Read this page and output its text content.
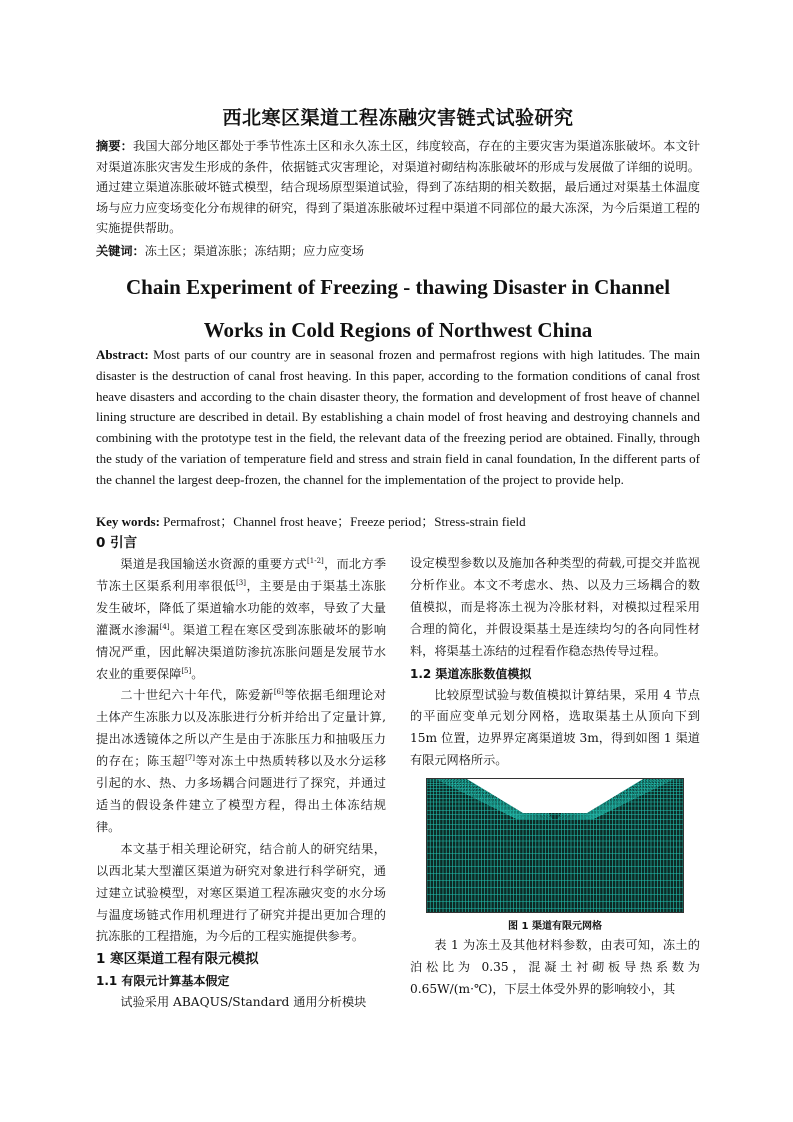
西北寒区渠道工程冻融灾害链式试验研究
摘要：我国大部分地区都处于季节性冻土区和永久冻土区，纬度较高，存在的主要灾害为渠道冻胀破坏。本文针对渠道冻胀灾害发生形成的条件，依据链式灾害理论，对渠道衬砌结构冻胀破坏的形成与发展做了详细的说明。通过建立渠道冻胀破坏链式模型，结合现场原型渠道试验，得到了冻结期的相关数据，最后通过对渠基土体温度场与应力应变场变化分布规律的研究，得到了渠道冻胀破坏过程中渠道不同部位的最大冻深，为今后渠道工程的实施提供帮助。
关键词：冻土区；渠道冻胀；冻结期；应力应变场
Chain Experiment of Freezing - thawing Disaster in Channel
Works in Cold Regions of Northwest China
Abstract: Most parts of our country are in seasonal frozen and permafrost regions with high latitudes. The main disaster is the destruction of canal frost heaving. In this paper, according to the formation conditions of canal frost heave disasters and according to the chain disaster theory, the formation and development of frost heave of channel lining structure are described in detail. By establishing a chain model of frost heaving and destroying channels and combining with the prototype test in the field, the relevant data of the freezing period are obtained. Finally, through the study of the variation of temperature field and stress and strain field in canal foundation, In the different parts of the channel the largest deep-frozen, the channel for the implementation of the project to provide help.
Key words: Permafrost；Channel frost heave；Freeze period；Stress-strain field
0 引言

渠道是我国输送水资源的重要方式[1-2]，而北方季节冻土区渠系利用率很低[3]，主要是由于渠基土冻胀发生破坏，降低了渠道输水功能的效率，导致了大量灌溉水渗漏[4]。渠道工程在寒区受到冻胀破坏的影响情况严重，因此解决渠道防渗抗冻胀问题是发展节水农业的重要保障[5]。

二十世纪六十年代，陈爱新[6]等依据毛细理论对土体产生冻胀力以及冻胀进行分析并给出了定量计算,提出冰透镜体之所以产生是由于冻胀压力和抽吸压力的存在；陈玉超[7]等对冻土中热质转移以及水分运移引起的水、热、力多场耦合问题进行了探究，并通过适当的假设条件建立了模型方程，得出土体冻结规律。

本文基于相关理论研究，结合前人的研究结果，以西北某大型灌区渠道为研究对象进行科学研究，通过建立试验模型，对寒区渠道工程冻融灾变的水分场与温度场链式作用机理进行了研究并提出更加合理的抗冻胀的工程措施，为今后的工程实施提供参考。

1 寒区渠道工程有限元模拟
1.1 有限元计算基本假定

试验采用 ABAQUS/Standard 通用分析模块

设定模型参数以及施加各种类型的荷载,可提交并监视分析作业。本文不考虑水、热、以及力三场耦合的数值模拟，而是将冻土视为冷胀材料，对模拟过程采用合理的简化，并假设渠基土是连续均匀的各向同性材料，将渠基土冻结的过程看作稳态热传导过程。

1.2 渠道冻胀数值模拟

比较原型试验与数值模拟计算结果，采用 4 节点的平面应变单元划分网格，选取渠基土从顶向下到 15m 位置，边界界定离渠道坡 3m，得到如图 1 渠道有限元网格所示。

图 1 渠道有限元网格

表 1 为冻土及其他材料参数，由表可知，冻土的泊松比为 0.35，混凝土衬砌板导热系数为 0.65W/(m·℃)，下层土体受外界的影响较小，其
